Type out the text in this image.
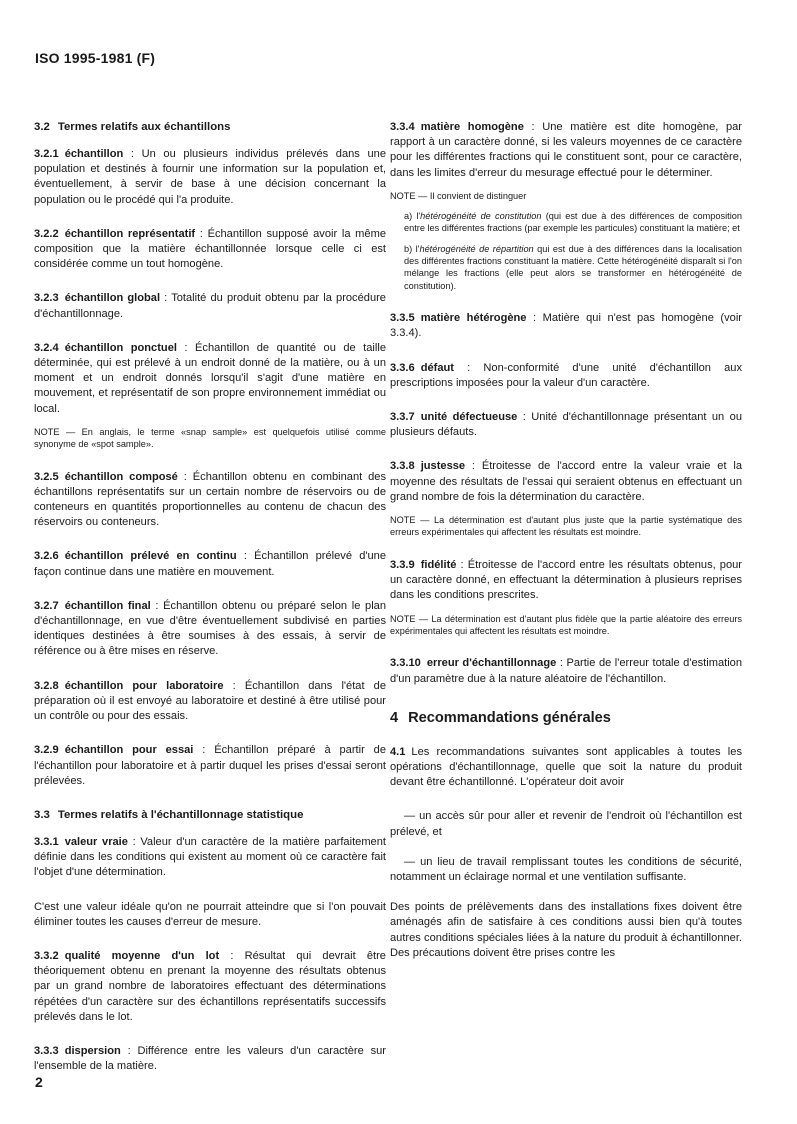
ISO 1995-1981 (F)
3.2 Termes relatifs aux échantillons

3.2.1 échantillon : Un ou plusieurs individus prélevés dans une population et destinés à fournir une information sur la population et, éventuellement, à servir de base à une décision concernant la population ou le procédé qui l'a produite.

3.2.2 échantillon représentatif : Échantillon supposé avoir la même composition que la matière échantillonnée lorsque celle ci est considérée comme un tout homogène.

3.2.3 échantillon global : Totalité du produit obtenu par la procédure d'échantillonnage.

3.2.4 échantillon ponctuel : Échantillon de quantité ou de taille déterminée, qui est prélevé à un endroit donné de la matière, ou à un moment et un endroit donnés lorsqu'il s'agit d'une matière en mouvement, et représentatif de son propre environnement immédiat ou local.

NOTE — En anglais, le terme «snap sample» est quelquefois utilisé comme synonyme de «spot sample».

3.2.5 échantillon composé : Échantillon obtenu en combinant des échantillons représentatifs sur un certain nombre de réservoirs ou de conteneurs en quantités proportionnelles au contenu de chacun des réservoirs ou conteneurs.

3.2.6 échantillon prélevé en continu : Échantillon prélevé d'une façon continue dans une matière en mouvement.

3.2.7 échantillon final : Échantillon obtenu ou préparé selon le plan d'échantillonnage, en vue d'être éventuellement subdivisé en parties identiques destinées à être soumises à des essais, à servir de référence ou à être mises en réserve.

3.2.8 échantillon pour laboratoire : Échantillon dans l'état de préparation où il est envoyé au laboratoire et destiné à être utilisé pour un contrôle ou pour des essais.

3.2.9 échantillon pour essai : Échantillon préparé à partir de l'échantillon pour laboratoire et à partir duquel les prises d'essai seront prélevées.

3.3 Termes relatifs à l'échantillonnage statistique

3.3.1 valeur vraie : Valeur d'un caractère de la matière parfaitement définie dans les conditions qui existent au moment où ce caractère fait l'objet d'une détermination.

C'est une valeur idéale qu'on ne pourrait atteindre que si l'on pouvait éliminer toutes les causes d'erreur de mesure.

3.3.2 qualité moyenne d'un lot : Résultat qui devrait être théoriquement obtenu en prenant la moyenne des résultats obtenus par un grand nombre de laboratoires effectuant des déterminations répétées d'un caractère sur des échantillons représentatifs successifs prélevés dans le lot.

3.3.3 dispersion : Différence entre les valeurs d'un caractère sur l'ensemble de la matière.

3.3.4 matière homogène : Une matière est dite homogène, par rapport à un caractère donné, si les valeurs moyennes de ce caractère pour les différentes fractions qui le constituent sont, pour ce caractère, dans les limites d'erreur du mesurage effectué pour le déterminer.

NOTE — Il convient de distinguer
a) l'hétérogénéité de constitution (qui est due à des différences de composition entre les différentes fractions (par exemple les particules) constituant la matière; et
b) l'hétérogénéité de répartition qui est due à des différences dans la localisation des différentes fractions constituant la matière. Cette hétérogénéité disparaît si l'on mélange les fractions (elle peut alors se transformer en hétérogénéité de constitution).

3.3.5 matière hétérogène : Matière qui n'est pas homogène (voir 3.3.4).

3.3.6 défaut : Non-conformité d'une unité d'échantillon aux prescriptions imposées pour la valeur d'un caractère.

3.3.7 unité défectueuse : Unité d'échantillonnage présentant un ou plusieurs défauts.

3.3.8 justesse : Étroitesse de l'accord entre la valeur vraie et la moyenne des résultats de l'essai qui seraient obtenus en effectuant un grand nombre de fois la détermination du caractère.

NOTE — La détermination est d'autant plus juste que la partie systématique des erreurs expérimentales qui affectent les résultats est moindre.

3.3.9 fidélité : Étroitesse de l'accord entre les résultats obtenus, pour un caractère donné, en effectuant la détermination à plusieurs reprises dans les conditions prescrites.

NOTE — La détermination est d'autant plus fidèle que la partie aléatoire des erreurs expérimentales qui affectent les résultats est moindre.

3.3.10 erreur d'échantillonnage : Partie de l'erreur totale d'estimation d'un paramètre due à la nature aléatoire de l'échantillon.

4 Recommandations générales

4.1 Les recommandations suivantes sont applicables à toutes les opérations d'échantillonnage, quelle que soit la nature du produit devant être échantillonné. L'opérateur doit avoir

— un accès sûr pour aller et revenir de l'endroit où l'échantillon est prélevé, et
— un lieu de travail remplissant toutes les conditions de sécurité, notamment un éclairage normal et une ventilation suffisante.

Des points de prélèvements dans des installations fixes doivent être aménagés afin de satisfaire à ces conditions aussi bien qu'à toutes autres conditions spéciales liées à la nature du produit à échantillonner. Des précautions doivent être prises contre les

2
